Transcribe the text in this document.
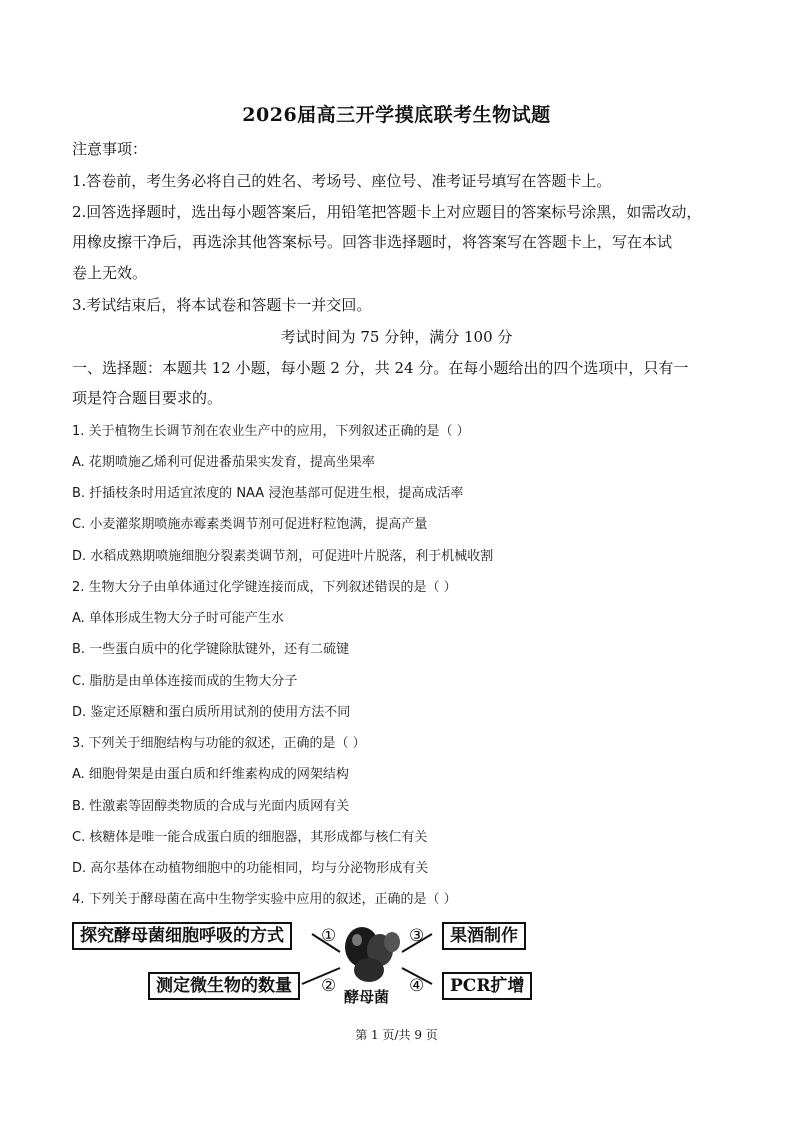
2026届高三开学摸底联考生物试题
注意事项：
1.答卷前，考生务必将自己的姓名、考场号、座位号、准考证号填写在答题卡上。
2.回答选择题时，选出每小题答案后，用铅笔把答题卡上对应题目的答案标号涂黑，如需改动，
用橡皮擦干净后，再选涂其他答案标号。回答非选择题时，将答案写在答题卡上，写在本试
卷上无效。
3.考试结束后，将本试卷和答题卡一并交回。
考试时间为 75 分钟，满分 100 分
一、选择题：本题共 12 小题，每小题 2 分，共 24 分。在每小题给出的四个选项中，只有一
项是符合题目要求的。
1. 关于植物生长调节剂在农业生产中的应用，下列叙述正确的是（ ）
A. 花期喷施乙烯利可促进番茄果实发育，提高坐果率
B. 扦插枝条时用适宜浓度的 NAA 浸泡基部可促进生根，提高成活率
C. 小麦灌浆期喷施赤霉素类调节剂可促进籽粒饱满，提高产量
D. 水稻成熟期喷施细胞分裂素类调节剂，可促进叶片脱落，利于机械收割
2. 生物大分子由单体通过化学键连接而成，下列叙述错误的是（ ）
A. 单体形成生物大分子时可能产生水
B. 一些蛋白质中的化学键除肽键外，还有二硫键
C. 脂肪是由单体连接而成的生物大分子
D. 鉴定还原糖和蛋白质所用试剂的使用方法不同
3. 下列关于细胞结构与功能的叙述，正确的是（ ）
A. 细胞骨架是由蛋白质和纤维素构成的网架结构
B. 性激素等固醇类物质的合成与光面内质网有关
C. 核糖体是唯一能合成蛋白质的细胞器，其形成都与核仁有关
D. 高尔基体在动植物细胞中的功能相同，均与分泌物形成有关
4. 下列关于酵母菌在高中生物学实验中应用的叙述，正确的是（ ）
探究酵母菌细胞呼吸的方式
测定微生物的数量
果酒制作
PCR扩增
①
②
③
④
酵母菌
第 1 页/共 9 页
